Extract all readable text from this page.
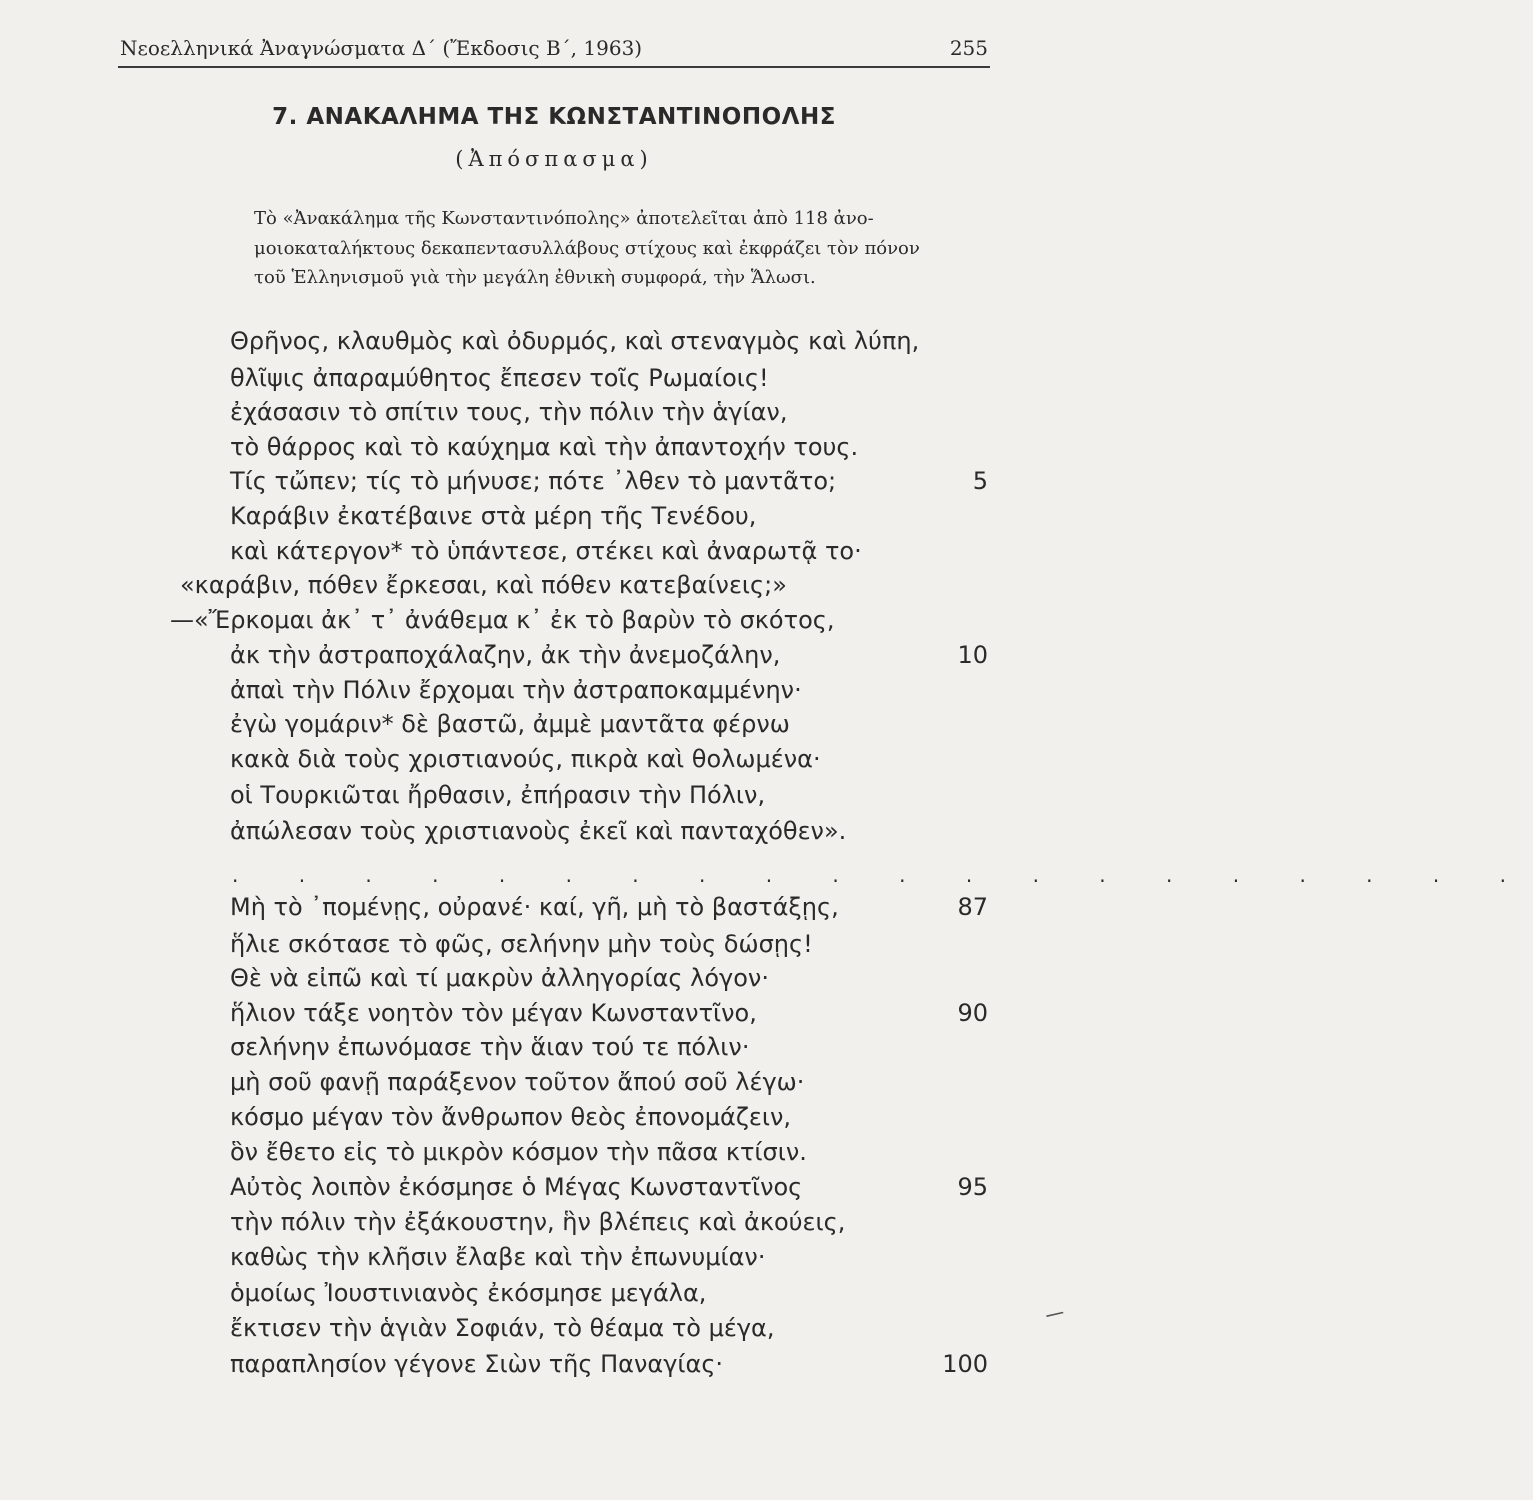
Νεοελληνικά Ἀναγνώσματα Δ΄ (Ἔκδοσις Β΄, 1963)	255
7. ΑΝΑΚΑΛΗΜΑ ΤΗΣ ΚΩΝΣΤΑΝΤΙΝΟΠΟΛΗΣ
(Ἀπόσπασμα)
Τὸ «Ἀνακάλημα τῆς Κωνσταντινόπολης» ἀποτελεῖται ἀπὸ 118 ἀνο-
μοιοκαταλήκτους δεκαπεντασυλλάβους στίχους καὶ ἐκφράζει τὸν πόνον
τοῦ Ἑλληνισμοῦ γιὰ τὴν μεγάλη ἐθνικὴ συμφορά, τὴν Ἅλωσι.
Θρῆνος, κλαυθμὸς καὶ ὀδυρμός, καὶ στεναγμὸς καὶ λύπη,
θλῖψις ἀπαραμύθητος ἔπεσεν τοῖς Ρωμαίοις!
ἐχάσασιν τὸ σπίτιν τους, τὴν πόλιν τὴν ἁγίαν,
τὸ θάρρος καὶ τὸ καύχημα καὶ τὴν ἀπαντοχήν τους.
Τίς τὤπεν; τίς τὸ μήνυσε; πότε ᾿λθεν τὸ μαντᾶτο;	5
Καράβιν ἐκατέβαινε στὰ μέρη τῆς Τενέδου,
καὶ κάτεργον* τὸ ὑπάντεσε, στέκει καὶ ἀναρωτᾷ το·
«καράβιν, πόθεν ἔρκεσαι, καὶ πόθεν κατεβαίνεις;»
—«Ἔρκομαι ἀκ᾿ τ᾿ ἀνάθεμα κ᾿ ἐκ τὸ βαρὺν τὸ σκότος,
ἀκ τὴν ἀστραποχάλαζην, ἀκ τὴν ἀνεμοζάλην,	10
ἀπαὶ τὴν Πόλιν ἔρχομαι τὴν ἀστραποκαμμένην·
ἐγὼ γομάριν* δὲ βαστῶ, ἀμμὲ μαντᾶτα φέρνω
κακὰ διὰ τοὺς χριστιανούς, πικρὰ καὶ θολωμένα·
οἱ Τουρκιῶται ἤρθασιν, ἐπήρασιν τὴν Πόλιν,
ἀπώλεσαν τοὺς χριστιανοὺς ἐκεῖ καὶ πανταχόθεν».
. . . . . . . . . . . . . . . . . . . .
Μὴ τὸ ᾿πομένῃς, οὐρανέ· καί, γῆ, μὴ τὸ βαστάξῃς,	87
ἥλιε σκότασε τὸ φῶς, σελήνην μὴν τοὺς δώσῃς!
Θὲ νὰ εἰπῶ καὶ τί μακρὺν ἀλληγορίας λόγον·
ἥλιον τάξε νοητὸν τὸν μέγαν Κωνσταντῖνο,	90
σελήνην ἐπωνόμασε τὴν ἅιαν τού τε πόλιν·
μὴ σοῦ φανῇ παράξενον τοῦτον ἄπού σοῦ λέγω·
κόσμο μέγαν τὸν ἄνθρωπον θεὸς ἐπονομάζειν,
ὃν ἔθετο εἰς τὸ μικρὸν κόσμον τὴν πᾶσα κτίσιν.
Αὐτὸς λοιπὸν ἐκόσμησε ὁ Μέγας Κωνσταντῖνος	95
τὴν πόλιν τὴν ἐξάκουστην, ἣν βλέπεις καὶ ἀκούεις,
καθὼς τὴν κλῆσιν ἔλαβε καὶ τὴν ἐπωνυμίαν·
ὁμοίως Ἰουστινιανὸς ἐκόσμησε μεγάλα,
ἔκτισεν τὴν ἁγιὰν Σοφιάν, τὸ θέαμα τὸ μέγα,
παραπλησίον γέγονε Σιὼν τῆς Παναγίας·	100
/
